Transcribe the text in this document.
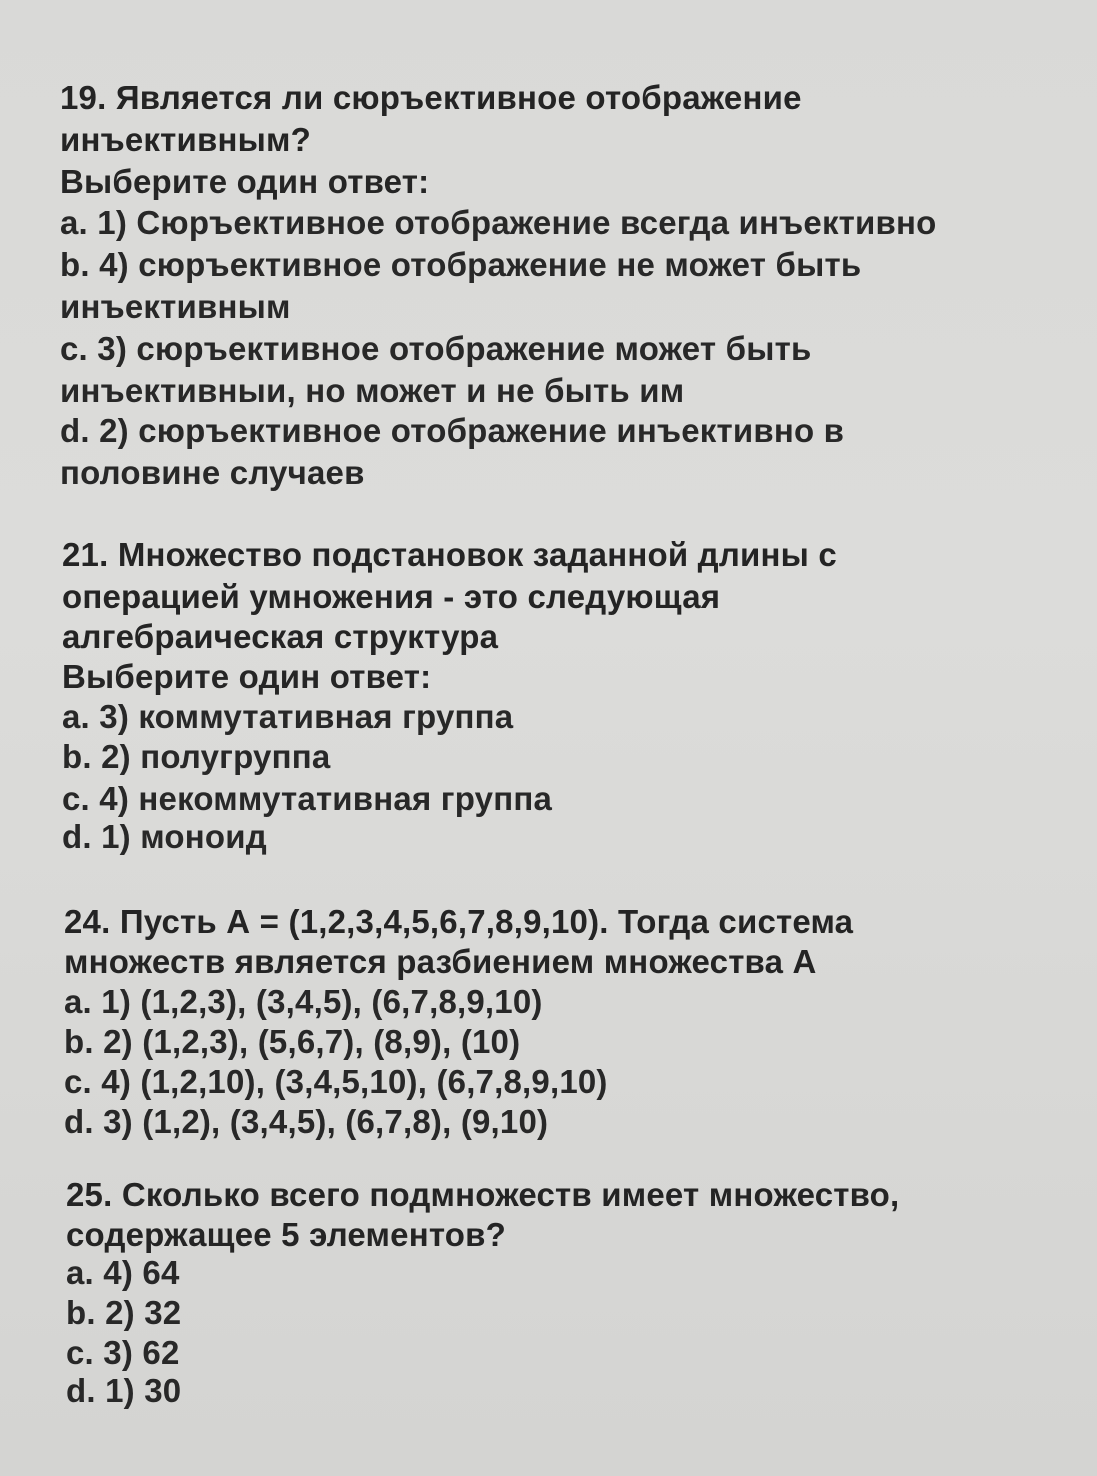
19. Является ли сюръективное отображение
инъективным?
Выберите один ответ:
a. 1) Сюръективное отображение всегда инъективно
b. 4) сюръективное отображение не может быть
инъективным
c. 3) сюръективное отображение может быть
инъективныи, но может и не быть им
d. 2) сюръективное отображение инъективно в
половине случаев
21. Множество подстановок заданной длины с
операцией умножения - это следующая
алгебраическая структура
Выберите один ответ:
a. 3) коммутативная группа
b. 2) полугруппа
c. 4) некоммутативная группа
d. 1) моноид
24. Пусть А = (1,2,3,4,5,6,7,8,9,10). Тогда система
множеств является разбиением множества А
a. 1) (1,2,3), (3,4,5), (6,7,8,9,10)
b. 2) (1,2,3), (5,6,7), (8,9), (10)
c. 4) (1,2,10), (3,4,5,10), (6,7,8,9,10)
d. 3) (1,2), (3,4,5), (6,7,8), (9,10)
25. Сколько всего подмножеств имеет множество,
содержащее 5 элементов?
a. 4) 64
b. 2) 32
c. 3) 62
d. 1) 30
